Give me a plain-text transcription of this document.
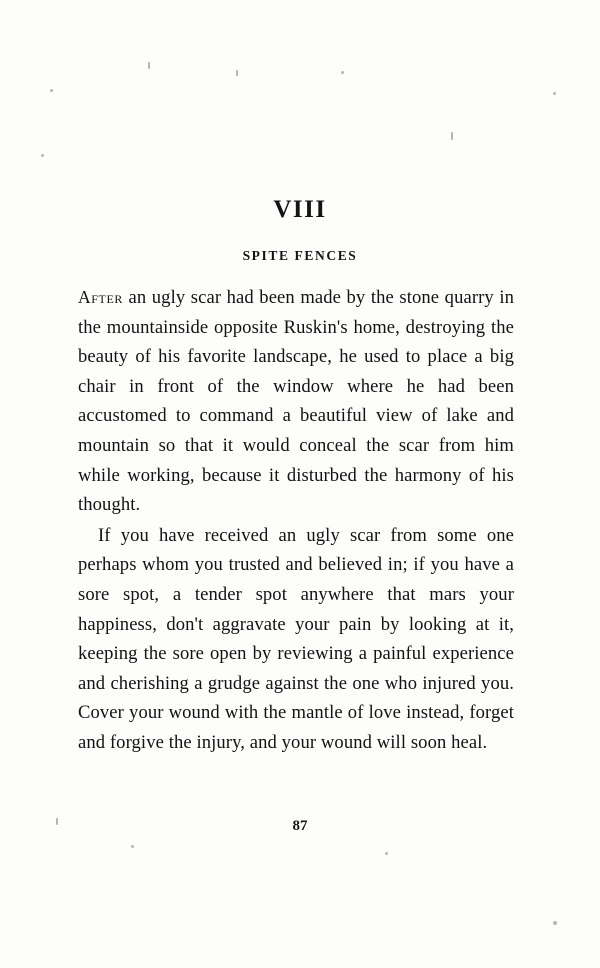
VIII
SPITE FENCES

After an ugly scar had been made by the stone quarry in the mountainside opposite Ruskin's home, destroying the beauty of his favorite landscape, he used to place a big chair in front of the window where he had been accustomed to command a beautiful view of lake and mountain so that it would conceal the scar from him while working, because it disturbed the harmony of his thought.

If you have received an ugly scar from some one perhaps whom you trusted and believed in; if you have a sore spot, a tender spot anywhere that mars your happiness, don't aggravate your pain by looking at it, keeping the sore open by reviewing a painful experience and cherishing a grudge against the one who injured you. Cover your wound with the mantle of love instead, forget and forgive the injury, and your wound will soon heal.

87
